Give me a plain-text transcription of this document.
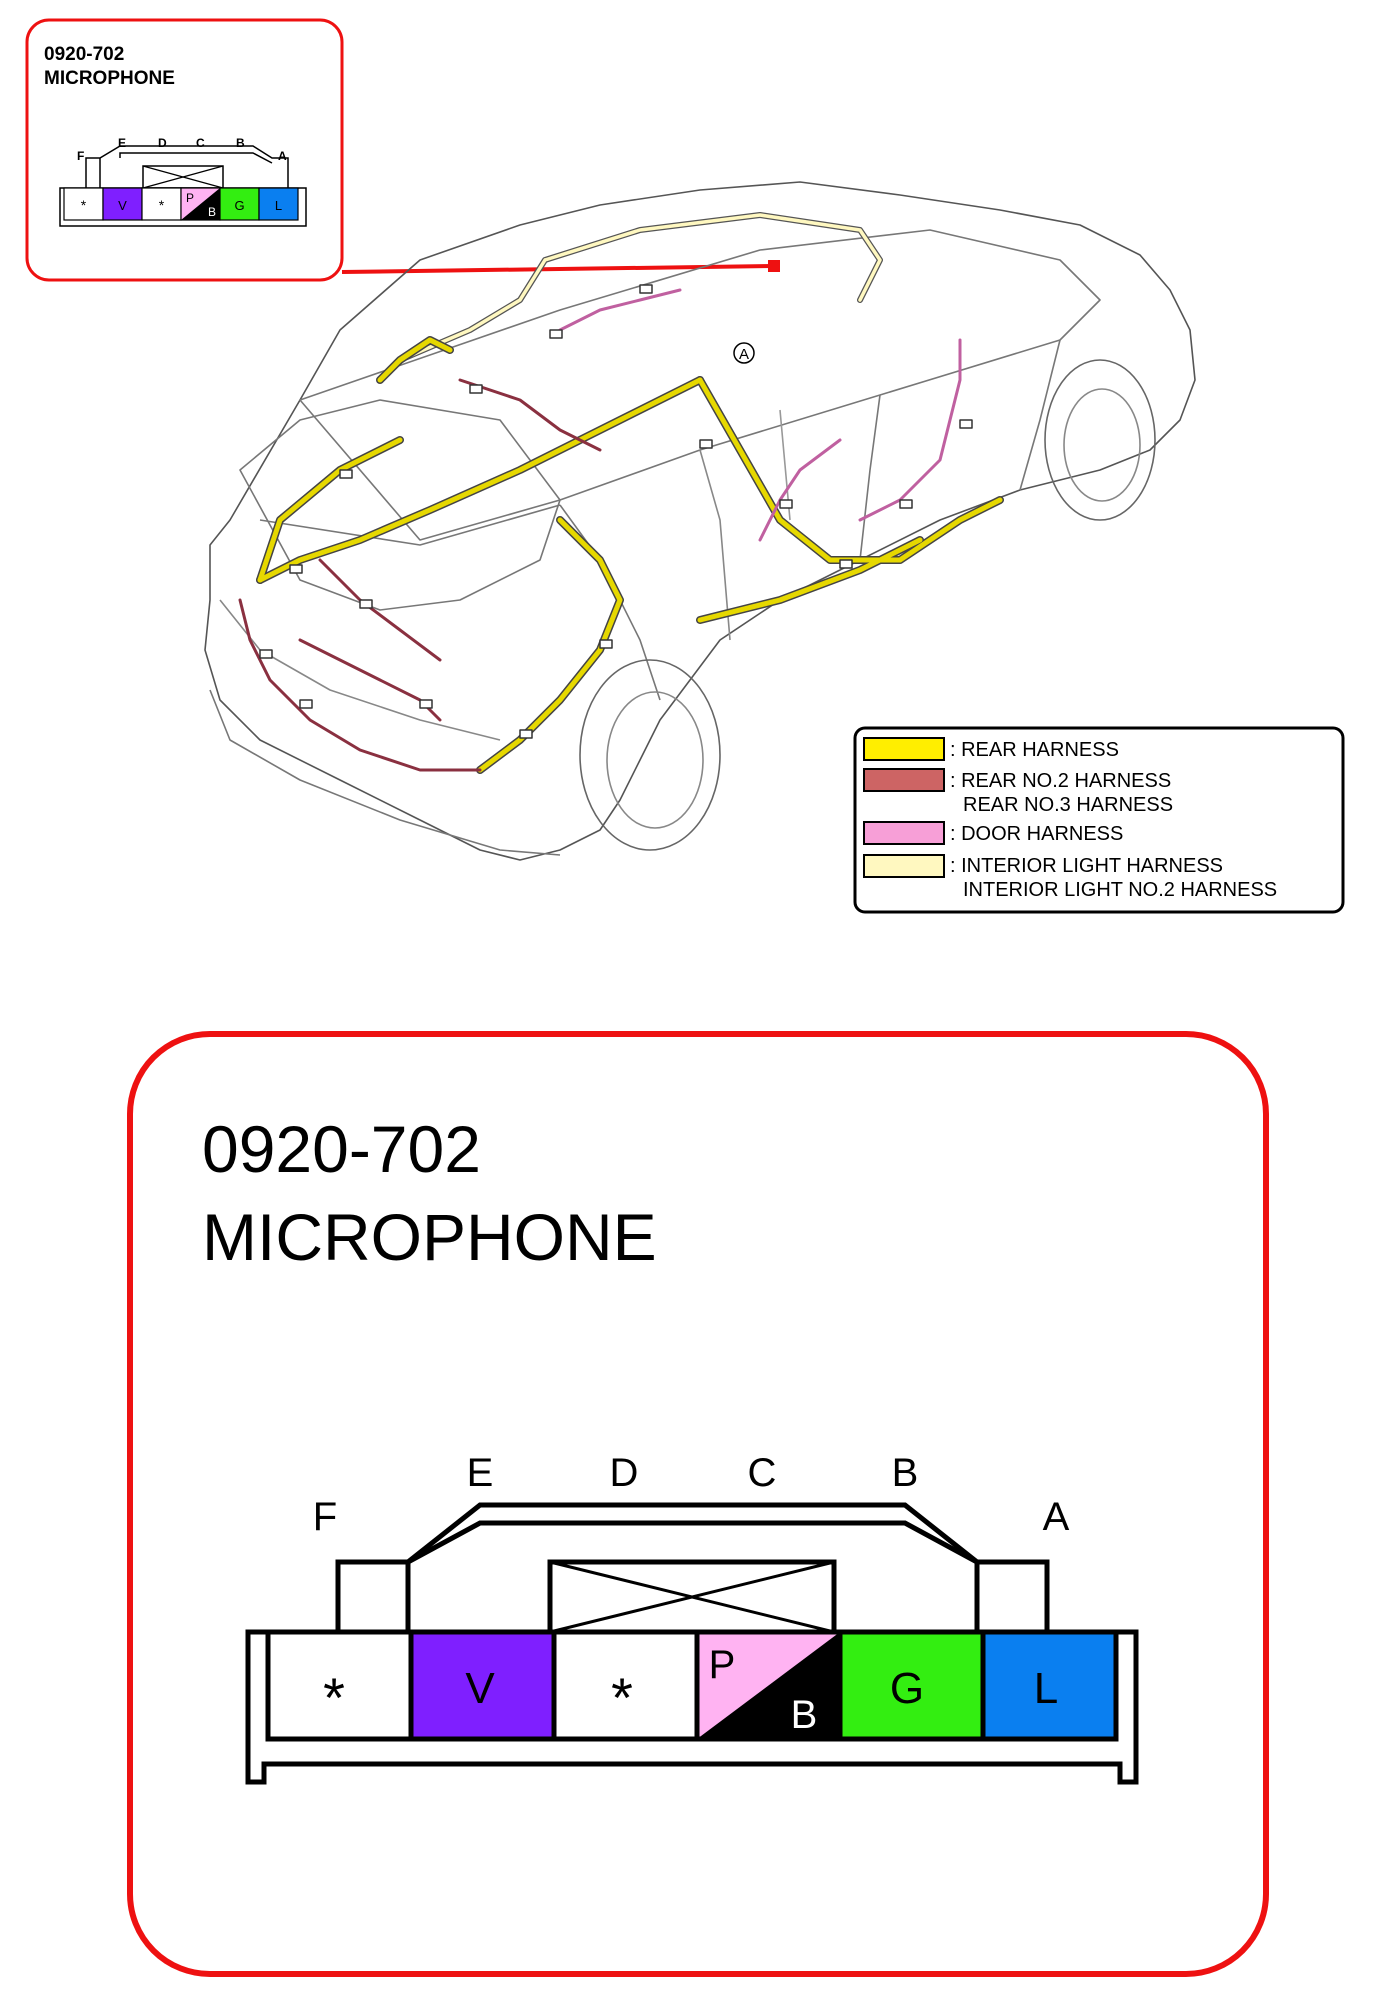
0920-702
MICROPHONE
F
E	D C	B
A
* V * P
B G L
A
: REAR HARNESS
: REAR NO.2 HARNESS
REAR NO.3 HARNESS
: DOOR HARNESS
: INTERIOR LIGHT HARNESS
INTERIOR LIGHT NO.2 HARNESS
0920-702
MICROPHONE
F
E	D	C	B
A
*	V *
P
B
G L
